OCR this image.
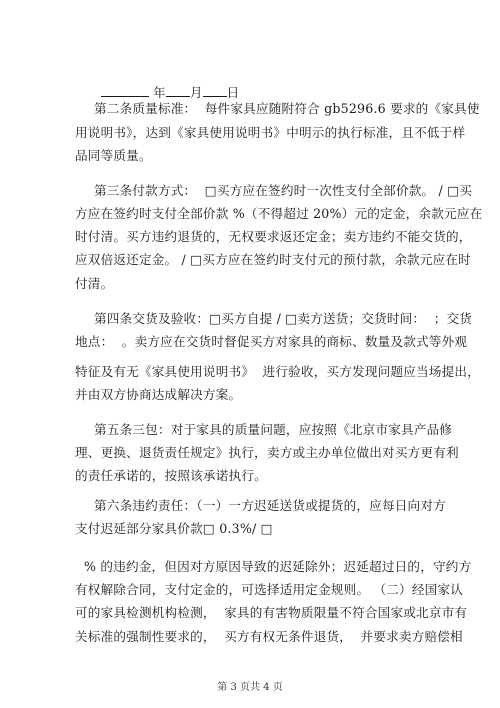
年 月 日

第二条质量标准：  每件家具应随附符合 gb5296.6 要求的《家具使
用说明书》，达到《家具使用说明书》中明示的执行标准，且不低于样
品同等质量。
第三条付款方式：  □买方应在签约时一次性支付全部价款。 / □买
方应在签约时支付全部价款 %（不得超过 20%）元的定金，余款元应在
时付清。买方违约退货的，无权要求返还定金；卖方违约不能交货的，
应双倍返还定金。 / □买方应在签约时支付元的预付款，余款元应在时
付清。
第四条交货及验收：□买方自提 / □卖方送货；交货时间：  ；交货
地点：  。卖方应在交货时督促买方对家具的商标、数量及款式等外观
特征及有无《家具使用说明书》  进行验收，买方发现问题应当场提出，
并由双方协商达成解决方案。
第五条三包：对于家具的质量问题，应按照《北京市家具产品修
理、更换、退货责任规定》执行，卖方或主办单位做出对买方更有利
的责任承诺的，按照该承诺执行。
第六条违约责任：（一）一方迟延送货或提货的，应每日向对方
支付迟延部分家具价款□ 0.3%/ □
% 的违约金，但因对方原因导致的迟延除外；迟延超过日的，守约方
有权解除合同，支付定金的，可选择适用定金规则。 （二）经国家认
可的家具检测机构检测，  家具的有害物质限量不符合国家或北京市有
关标准的强制性要求的，  买方有权无条件退货，  并要求卖方赔偿相
第 3 页共 4 页
